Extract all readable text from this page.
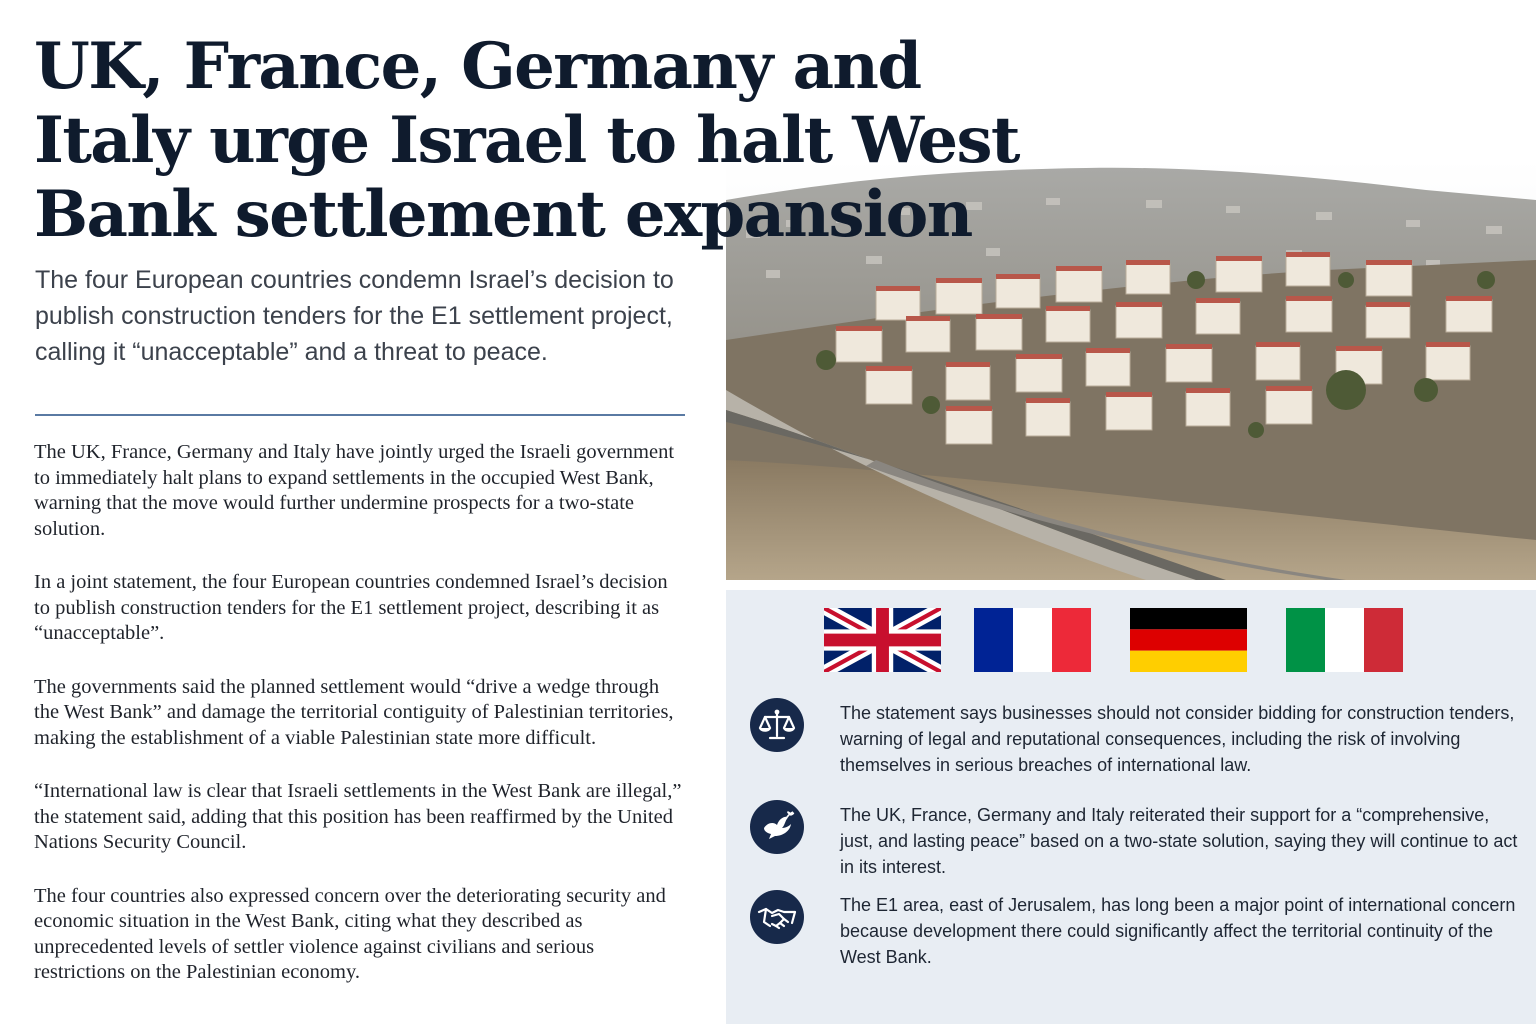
UK, France, Germany and Italy urge Israel to halt West Bank settlement expansion

The four European countries condemn Israel’s decision to publish construction tenders for the E1 settlement project, calling it “unacceptable” and a threat to peace.

The UK, France, Germany and Italy have jointly urged the Israeli government to immediately halt plans to expand settlements in the occupied West Bank, warning that the move would further undermine prospects for a two-state solution.

In a joint statement, the four European countries condemned Israel’s decision to publish construction tenders for the E1 settlement project, describing it as “unacceptable”.

The governments said the planned settlement would “drive a wedge through the West Bank” and damage the territorial contiguity of Palestinian territories, making the establishment of a viable Palestinian state more difficult.

“International law is clear that Israeli settlements in the West Bank are illegal,” the statement said, adding that this position has been reaffirmed by the United Nations Security Council.

The four countries also expressed concern over the deteriorating security and economic situation in the West Bank, citing what they described as unprecedented levels of settler violence against civilians and serious restrictions on the Palestinian economy.

The statement says businesses should not consider bidding for construction tenders, warning of legal and reputational consequences, including the risk of involving themselves in serious breaches of international law.

The UK, France, Germany and Italy reiterated their support for a “comprehensive, just, and lasting peace” based on a two-state solution, saying they will continue to act in its interest.

The E1 area, east of Jerusalem, has long been a major point of international concern because development there could significantly affect the territorial continuity of the West Bank.
